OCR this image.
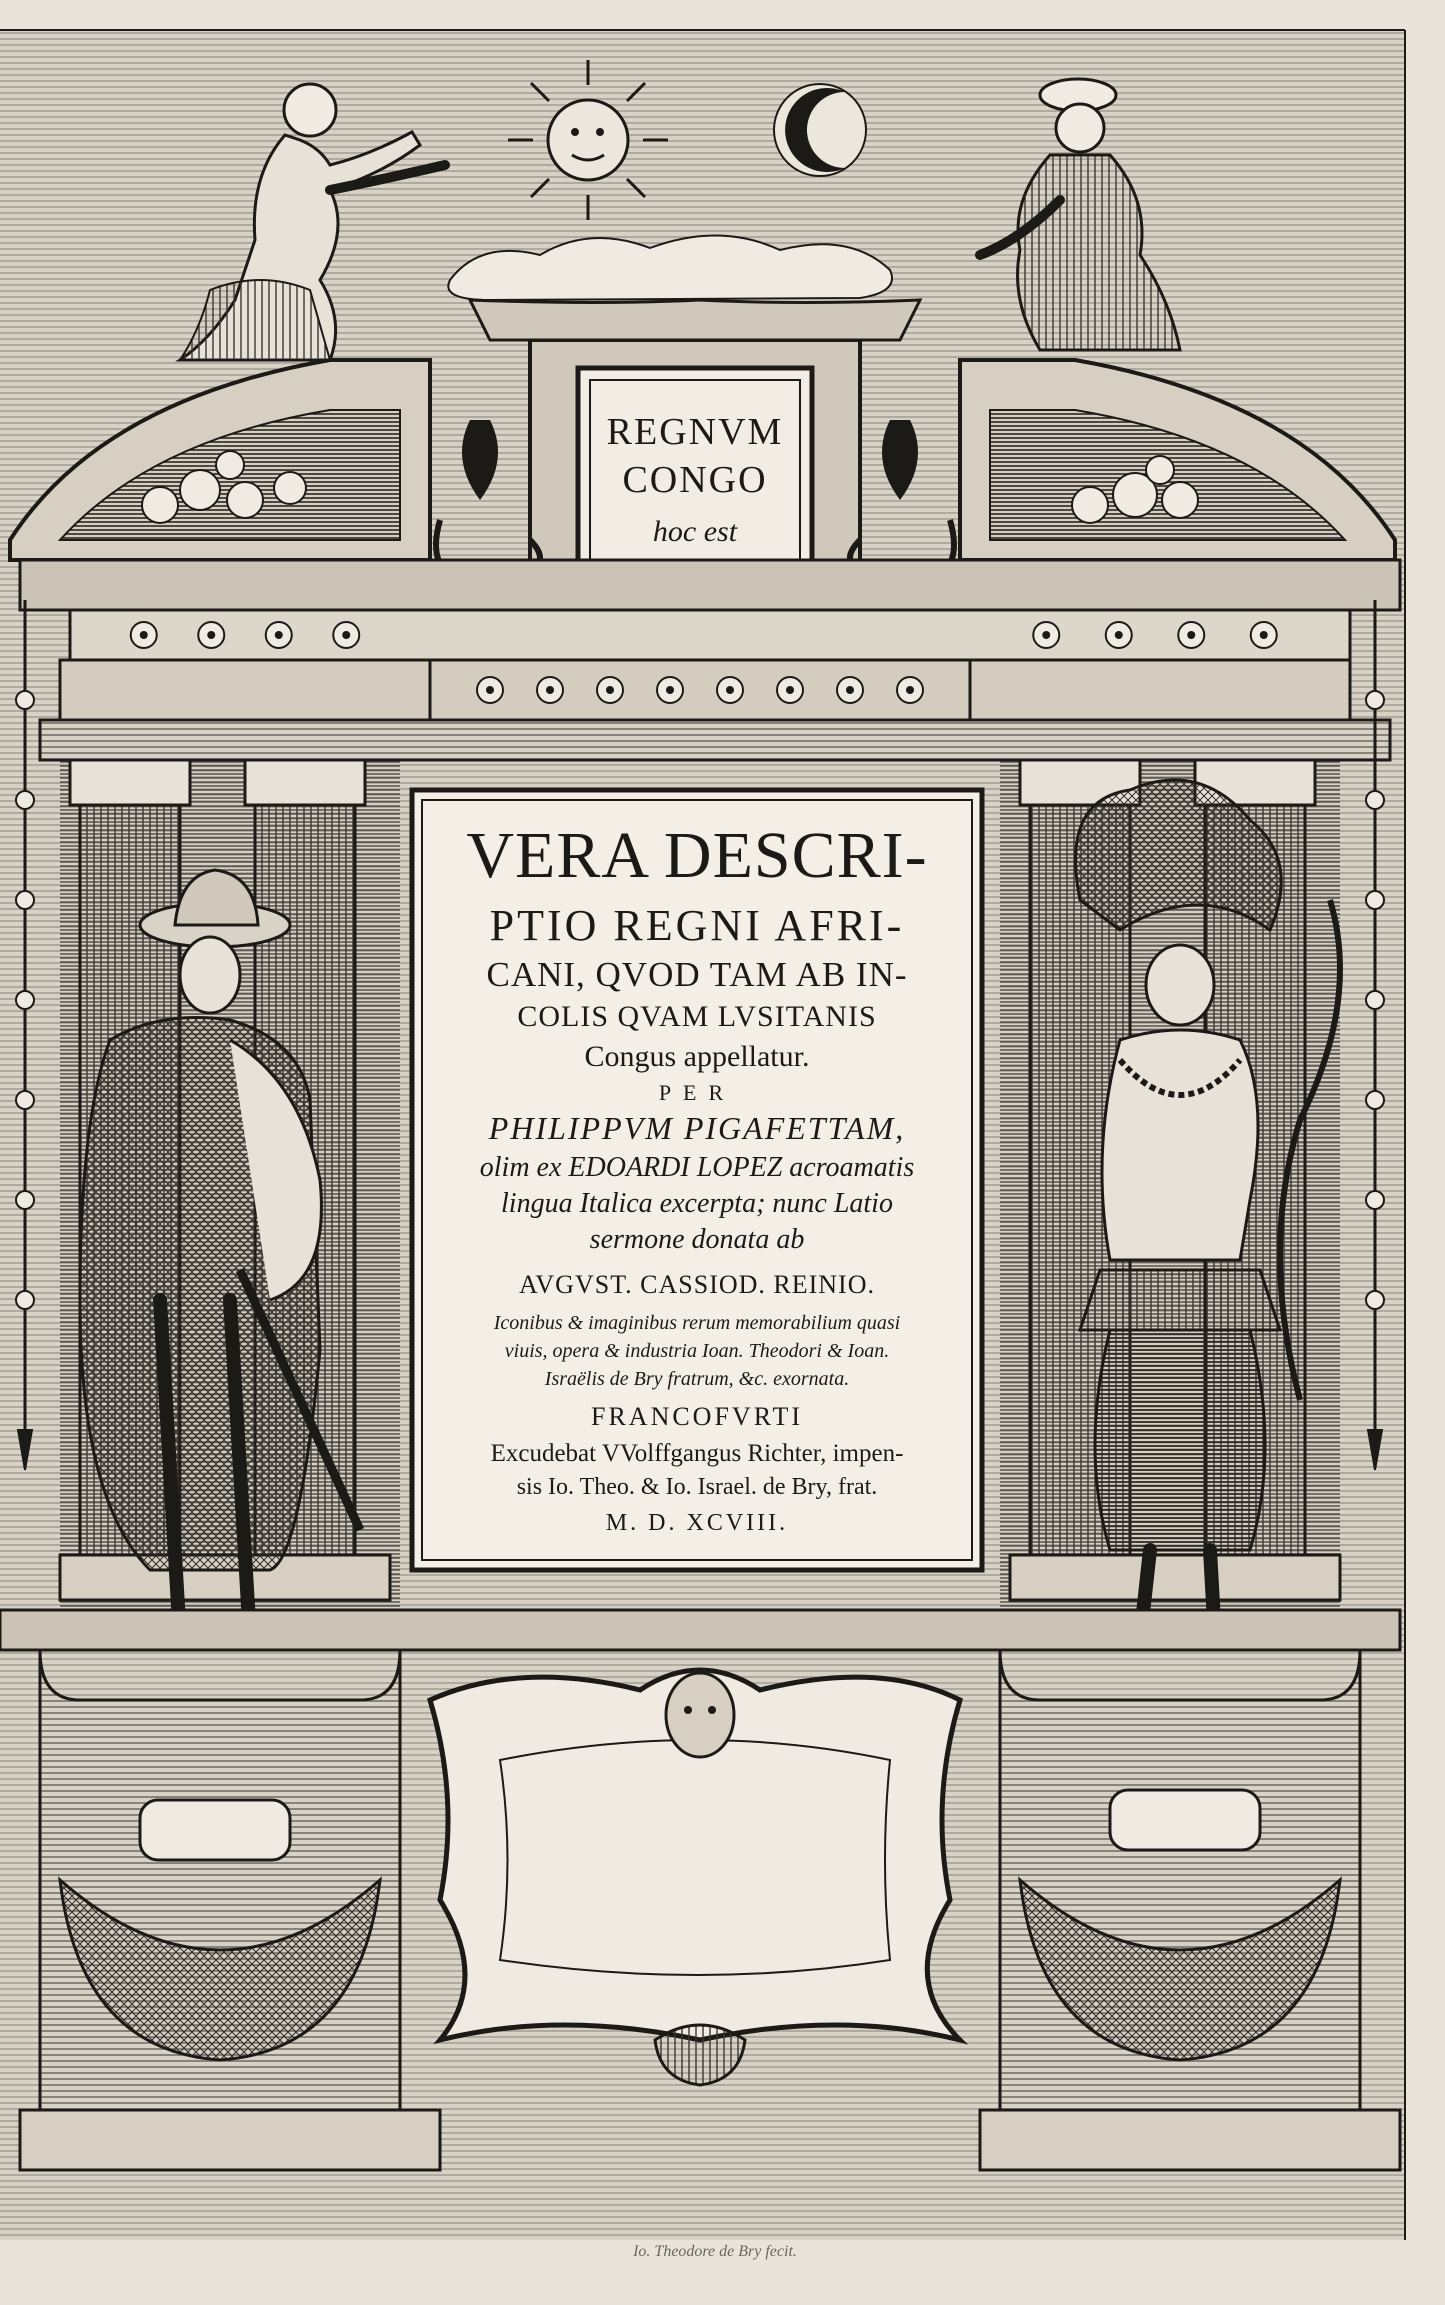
REGNVM
CONGO
hoc est
VERA DESCRI-
PTIO REGNI AFRI-
CANI, QVOD TAM AB IN-
COLIS QVAM LVSITANIS
Congus appellatur.
PER
PHILIPPVM PIGAFETTAM,
olim ex EDOARDI LOPEZ acroamatis
lingua Italica excerpta; nunc Latio
sermone donata ab
AVGVST. CASSIOD. REINIO.
Iconibus & imaginibus rerum memorabilium quasi
viuis, opera & industria Ioan. Theodori & Ioan.
Israëlis de Bry fratrum, &c. exornata.
FRANCOFVRTI
Excudebat VVolffgangus Richter, impen-
sis Io. Theo. & Io. Israel. de Bry, frat.
M. D. XCVIII.
Io. Theodore de Bry fecit.
